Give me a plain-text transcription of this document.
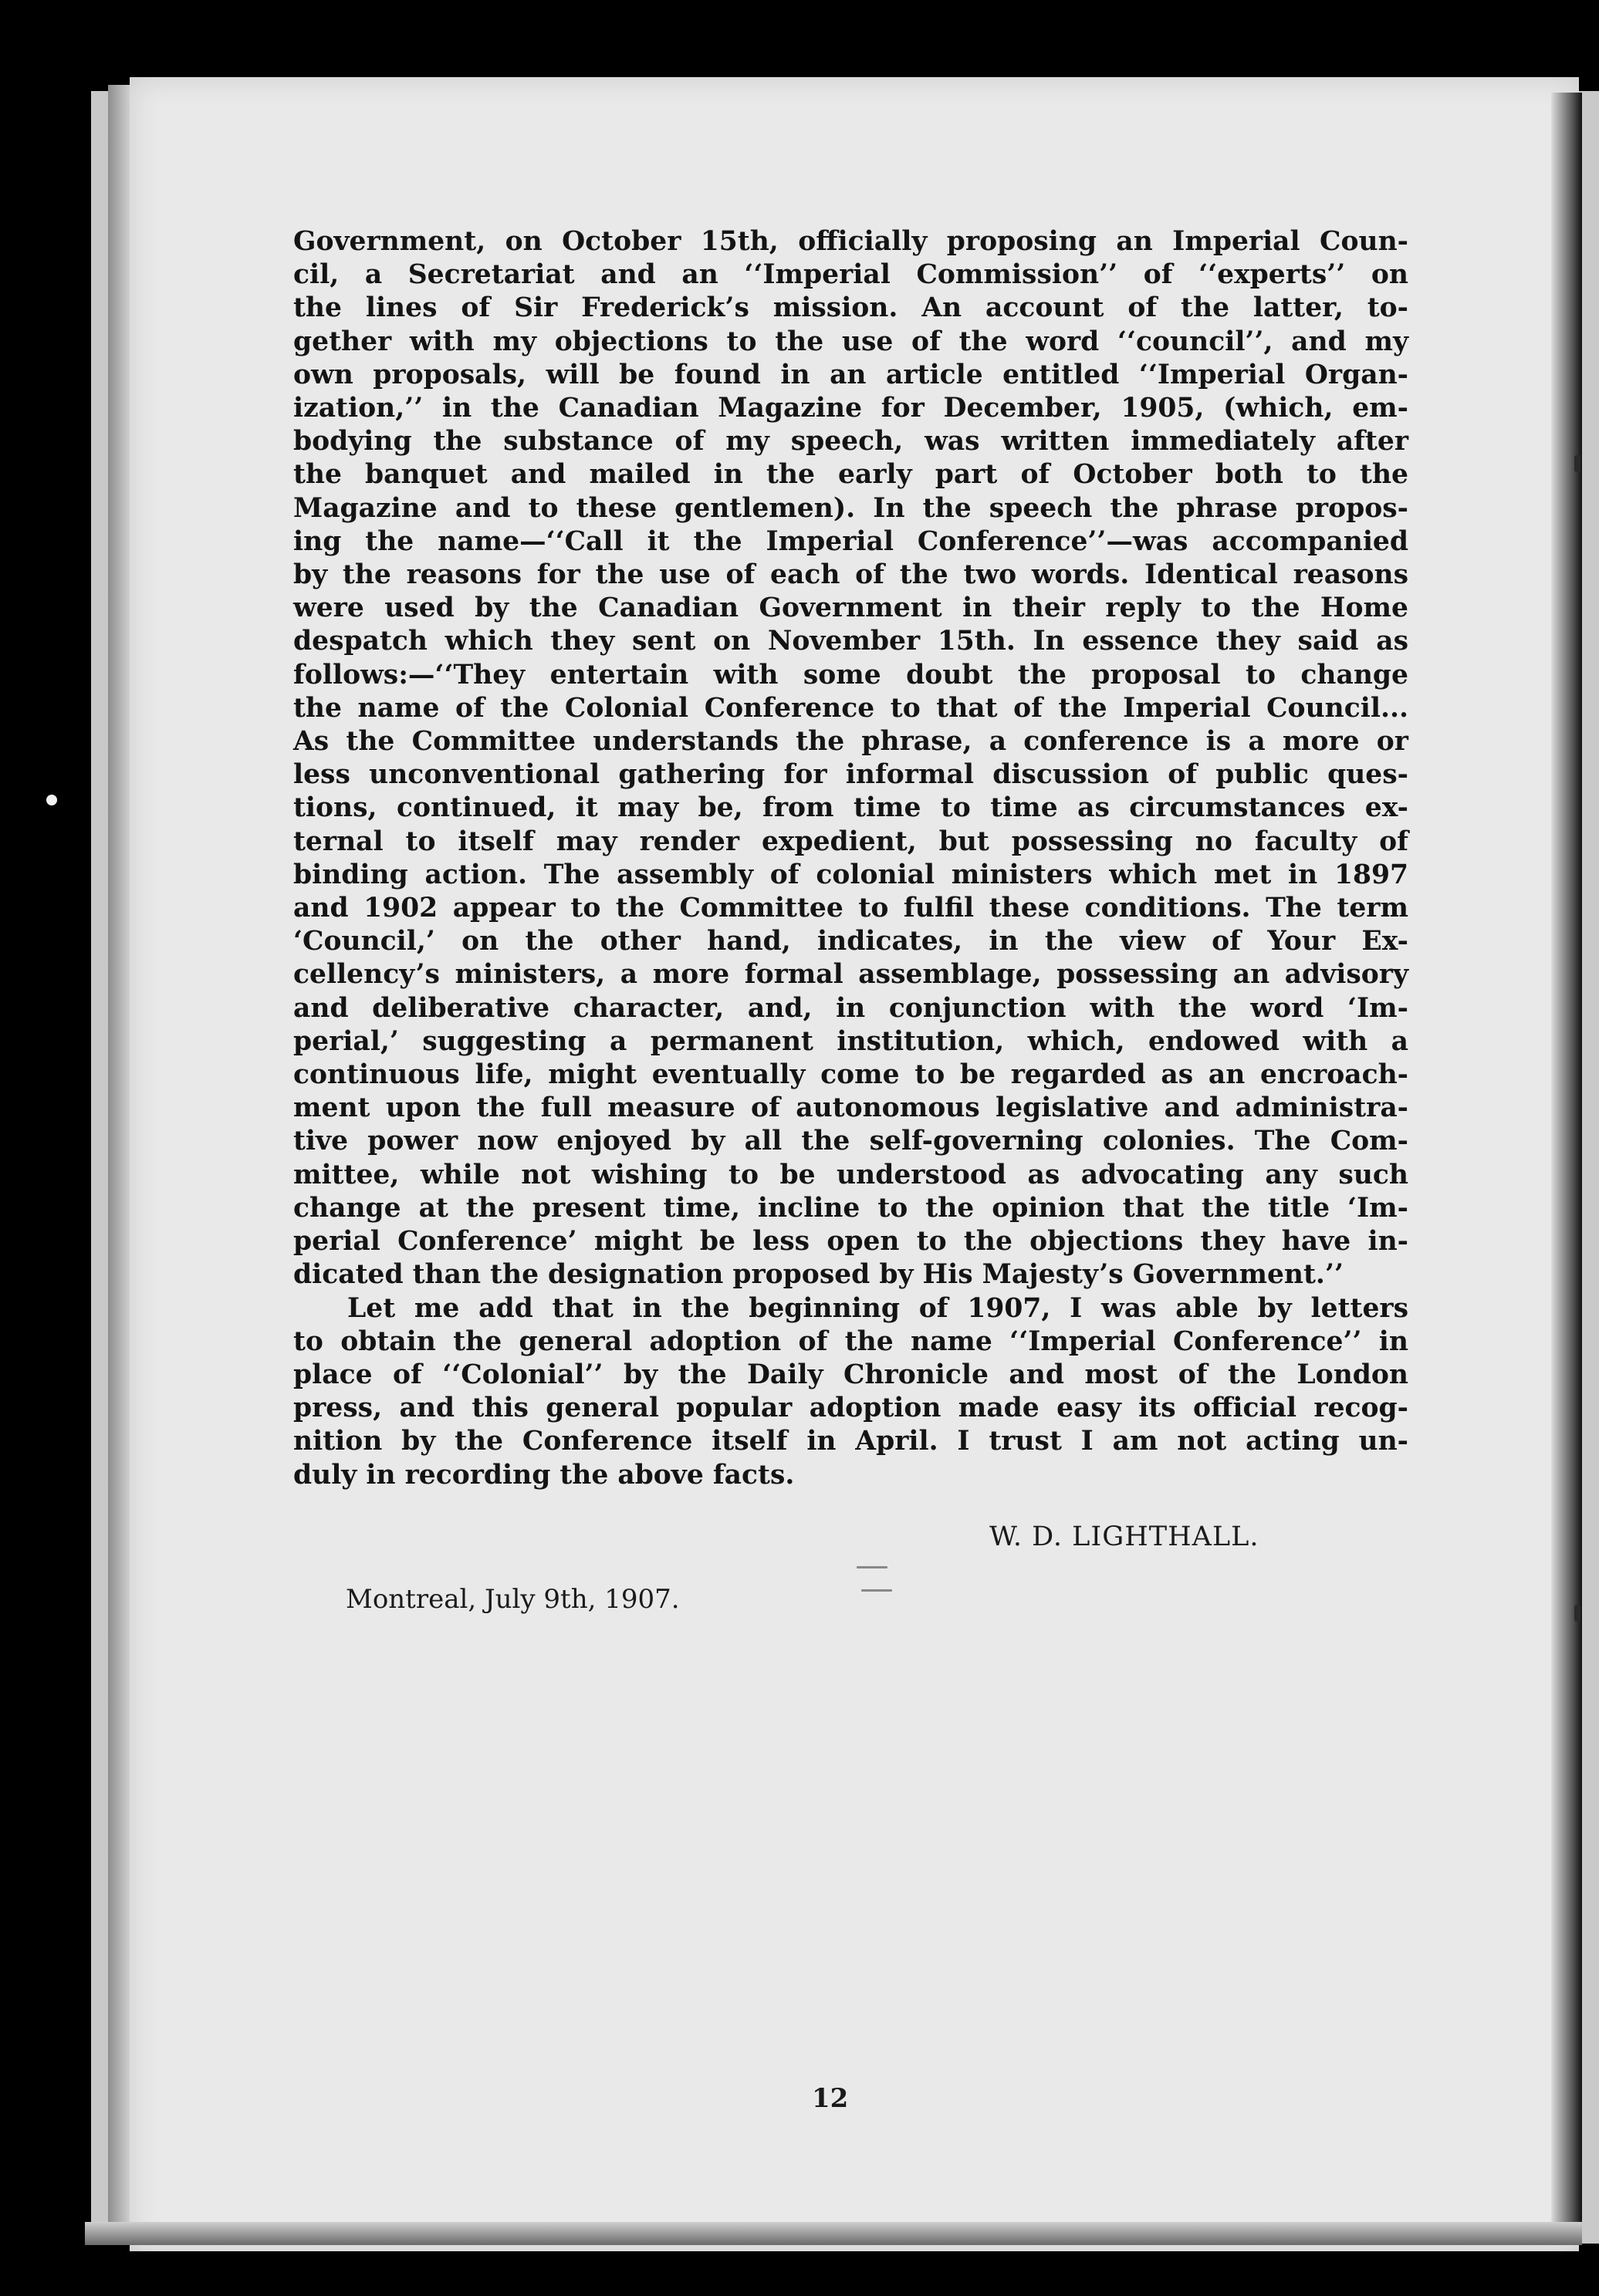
Government, on October 15th, officially proposing an Imperial Coun-
cil, a Secretariat and an ‘‘Imperial Commission’’ of ‘‘experts’’ on
the lines of Sir Frederick’s mission. An account of the latter, to-
gether with my objections to the use of the word ‘‘council’’, and my
own proposals, will be found in an article entitled ‘‘Imperial Organ-
ization,’’ in the Canadian Magazine for December, 1905, (which, em-
bodying the substance of my speech, was written immediately after
the banquet and mailed in the early part of October both to the
Magazine and to these gentlemen). In the speech the phrase propos-
ing the name—‘‘Call it the Imperial Conference’’—was accompanied
by the reasons for the use of each of the two words. Identical reasons
were used by the Canadian Government in their reply to the Home
despatch which they sent on November 15th. In essence they said as
follows:—‘‘They entertain with some doubt the proposal to change
the name of the Colonial Conference to that of the Imperial Council...
As the Committee understands the phrase, a conference is a more or
less unconventional gathering for informal discussion of public ques-
tions, continued, it may be, from time to time as circumstances ex-
ternal to itself may render expedient, but possessing no faculty of
binding action. The assembly of colonial ministers which met in 1897
and 1902 appear to the Committee to fulfil these conditions. The term
‘Council,’ on the other hand, indicates, in the view of Your Ex-
cellency’s ministers, a more formal assemblage, possessing an advisory
and deliberative character, and, in conjunction with the word ‘Im-
perial,’ suggesting a permanent institution, which, endowed with a
continuous life, might eventually come to be regarded as an encroach-
ment upon the full measure of autonomous legislative and administra-
tive power now enjoyed by all the self-governing colonies. The Com-
mittee, while not wishing to be understood as advocating any such
change at the present time, incline to the opinion that the title ‘Im-
perial Conference’ might be less open to the objections they have in-
dicated than the designation proposed by His Majesty’s Government.’’
Let me add that in the beginning of 1907, I was able by letters
to obtain the general adoption of the name ‘‘Imperial Conference’’ in
place of ‘‘Colonial’’ by the Daily Chronicle and most of the London
press, and this general popular adoption made easy its official recog-
nition by the Conference itself in April. I trust I am not acting un-
duly in recording the above facts.
W. D. LIGHTHALL.
Montreal, July 9th, 1907.
12
